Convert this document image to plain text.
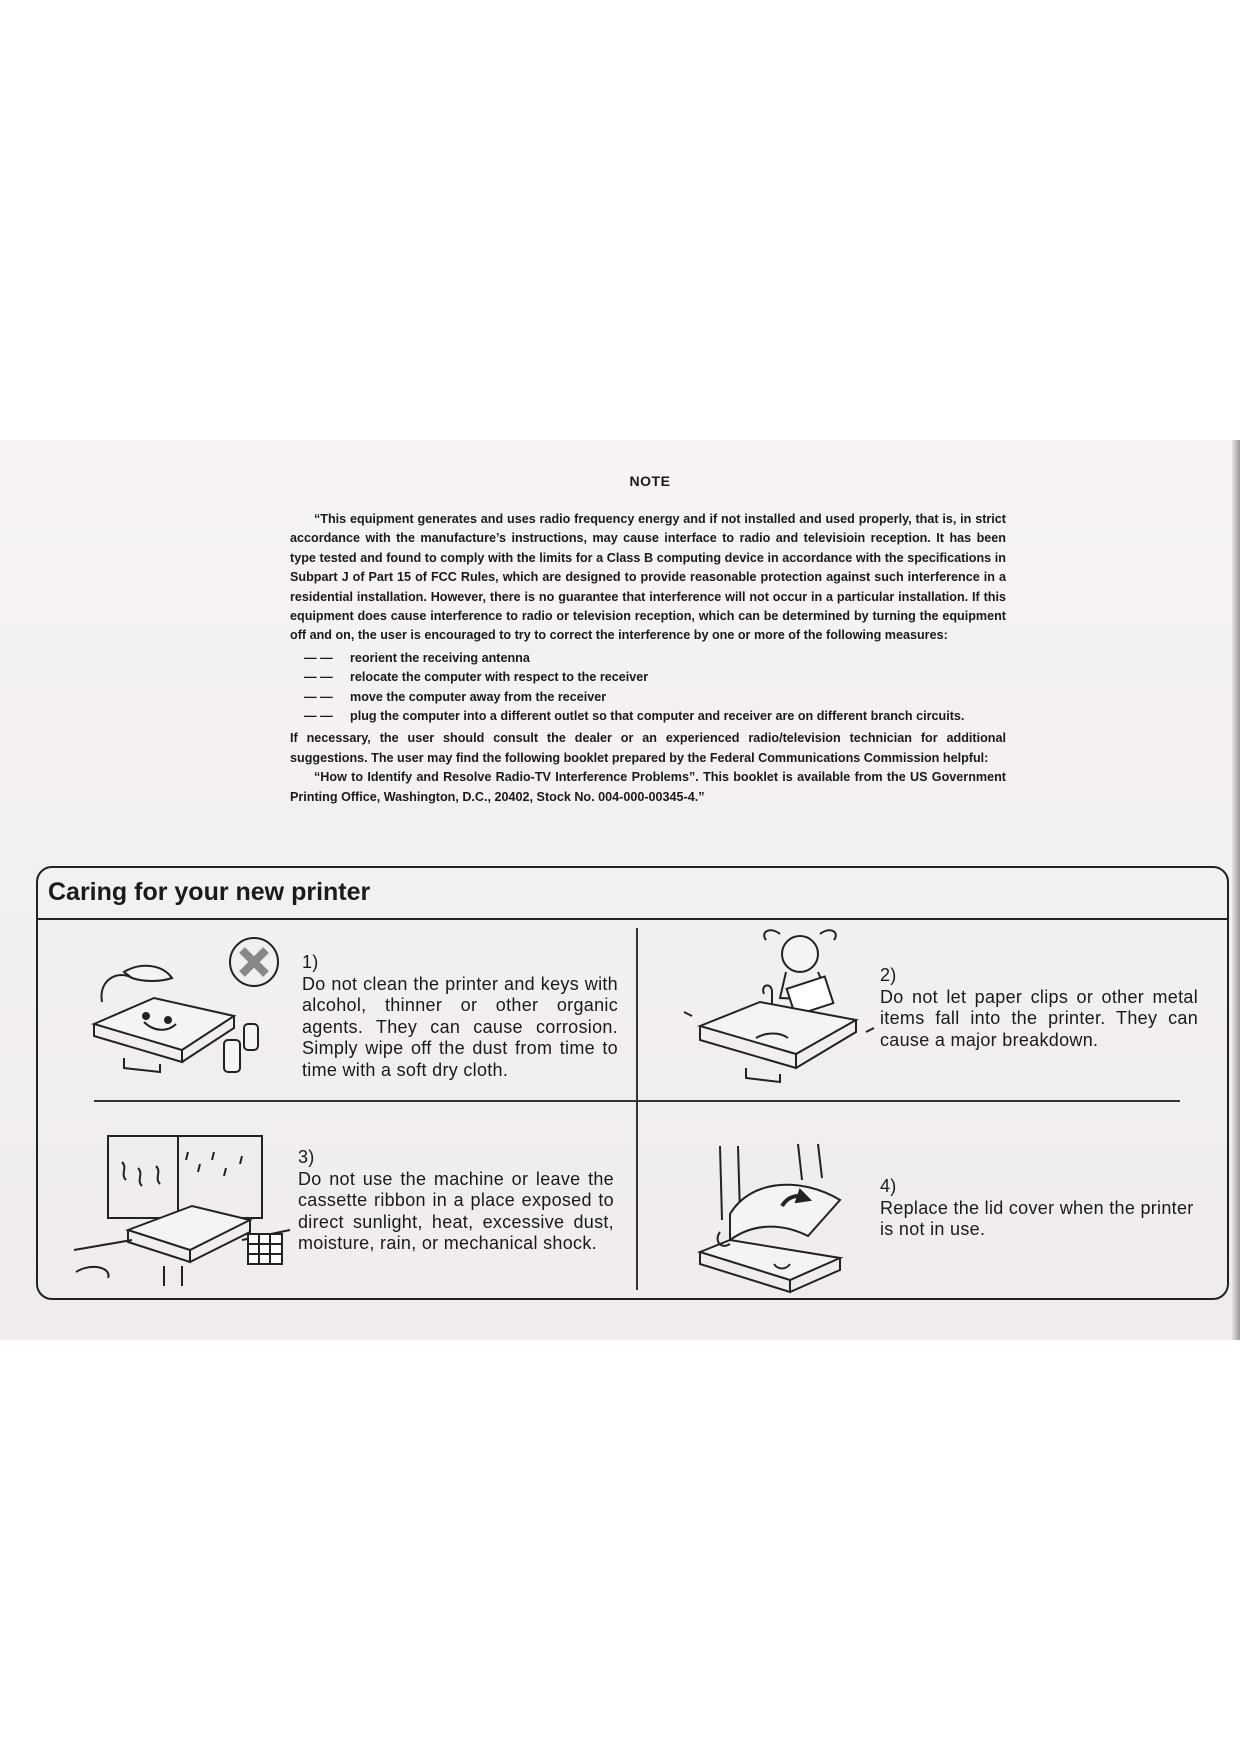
NOTE

“This equipment generates and uses radio frequency energy and if not installed and used properly, that is, in strict accordance with the manufacture’s instructions, may cause interface to radio and televisioin reception. It has been type tested and found to comply with the limits for a Class B computing device in accordance with the specifications in Subpart J of Part 15 of FCC Rules, which are designed to provide reasonable protection against such interference in a residential installation. However, there is no guarantee that interference will not occur in a particular installation. If this equipment does cause interference to radio or television reception, which can be determined by turning the equipment off and on, the user is encouraged to try to correct the interference by one or more of the following measures:

— —	reorient the receiving antenna
— —	relocate the computer with respect to the receiver
— —	move the computer away from the receiver
— —	plug the computer into a different outlet so that computer and receiver are on different branch circuits.

If necessary, the user should consult the dealer or an experienced radio/television technician for additional suggestions. The user may find the following booklet prepared by the Federal Communications Commission helpful:

“How to Identify and Resolve Radio-TV Interference Problems”. This booklet is available from the US Government Printing Office, Washington, D.C., 20402, Stock No. 004-000-00345-4.”

Caring for your new printer
1)
Do not clean the printer and keys with alcohol, thinner or other organic agents. They can cause corrosion. Simply wipe off the dust from time to time with a soft dry cloth.
2)
Do not let paper clips or other metal items fall into the printer. They can cause a major breakdown.
3)
Do not use the machine or leave the cassette ribbon in a place exposed to direct sunlight, heat, excessive dust, moisture, rain, or mechanical shock.
4)
Replace the lid cover when the printer is not in use.
